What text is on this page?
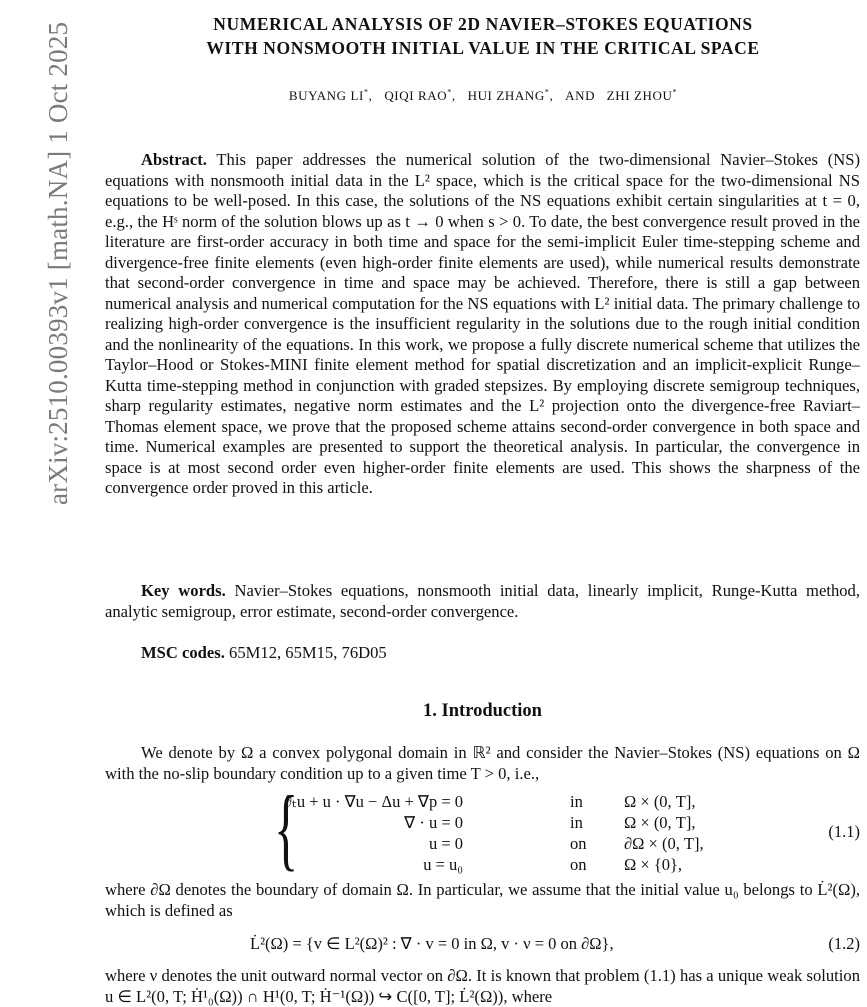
arXiv:2510.00393v1 [math.NA] 1 Oct 2025	NUMERICAL ANALYSIS OF 2D NAVIER–STOKES EQUATIONS
WITH NONSMOOTH INITIAL VALUE IN THE CRITICAL SPACE
BUYANG LI*, QIQI RAO*, HUI ZHANG*, AND   ZHI ZHOU*
Abstract. This paper addresses the numerical solution of the two-dimensional Navier–Stokes (NS) equations with nonsmooth initial data in the L² space, which is the critical space for the two-dimensional NS equations to be well-posed. In this case, the solutions of the NS equations exhibit certain singularities at t = 0, e.g., the Hˢ norm of the solution blows up as t → 0 when s > 0. To date, the best convergence result proved in the literature are first-order accuracy in both time and space for the semi-implicit Euler time-stepping scheme and divergence-free finite elements (even high-order finite elements are used), while numerical results demonstrate that second-order convergence in time and space may be achieved. Therefore, there is still a gap between numerical analysis and numerical computation for the NS equations with L² initial data. The primary challenge to realizing high-order convergence is the insufficient regularity in the solutions due to the rough initial condition and the nonlinearity of the equations. In this work, we propose a fully discrete numerical scheme that utilizes the Taylor–Hood or Stokes-MINI finite element method for spatial discretization and an implicit-explicit Runge–Kutta time-stepping method in conjunction with graded stepsizes. By employing discrete semigroup techniques, sharp regularity estimates, negative norm estimates and the L² projection onto the divergence-free Raviart–Thomas element space, we prove that the proposed scheme attains second-order convergence in both space and time. Numerical examples are presented to support the theoretical analysis. In particular, the convergence in space is at most second order even higher-order finite elements are used. This shows the sharpness of the convergence order proved in this article.
Key words. Navier–Stokes equations, nonsmooth initial data, linearly implicit, Runge-Kutta method, analytic semigroup, error estimate, second-order convergence.
MSC codes. 65M12, 65M15, 76D05
1. Introduction
We denote by Ω a convex polygonal domain in ℝ² and consider the Navier–Stokes (NS) equations on Ω with the no-slip boundary condition up to a given time T > 0, i.e.,
{
∂ₜu + u · ∇u − Δu + ∇p = 0	in Ω × (0, T],
∇ · u = 0	in Ω × (0, T],
u = 0	on ∂Ω × (0, T],
u = u₀	on Ω × {0},
(1.1)
where ∂Ω denotes the boundary of domain Ω. In particular, we assume that the initial value u₀ belongs to L̇²(Ω), which is defined as
L̇²(Ω) = {v ∈ L²(Ω)² : ∇ · v = 0 in Ω, v · ν = 0 on ∂Ω},	(1.2)
where ν denotes the unit outward normal vector on ∂Ω. It is known that problem (1.1) has a unique weak solution u ∈ L²(0, T; Ḣ¹₀(Ω)) ∩ H¹(0, T; Ḣ⁻¹(Ω)) ↪ C([0, T]; L̇²(Ω)), where
